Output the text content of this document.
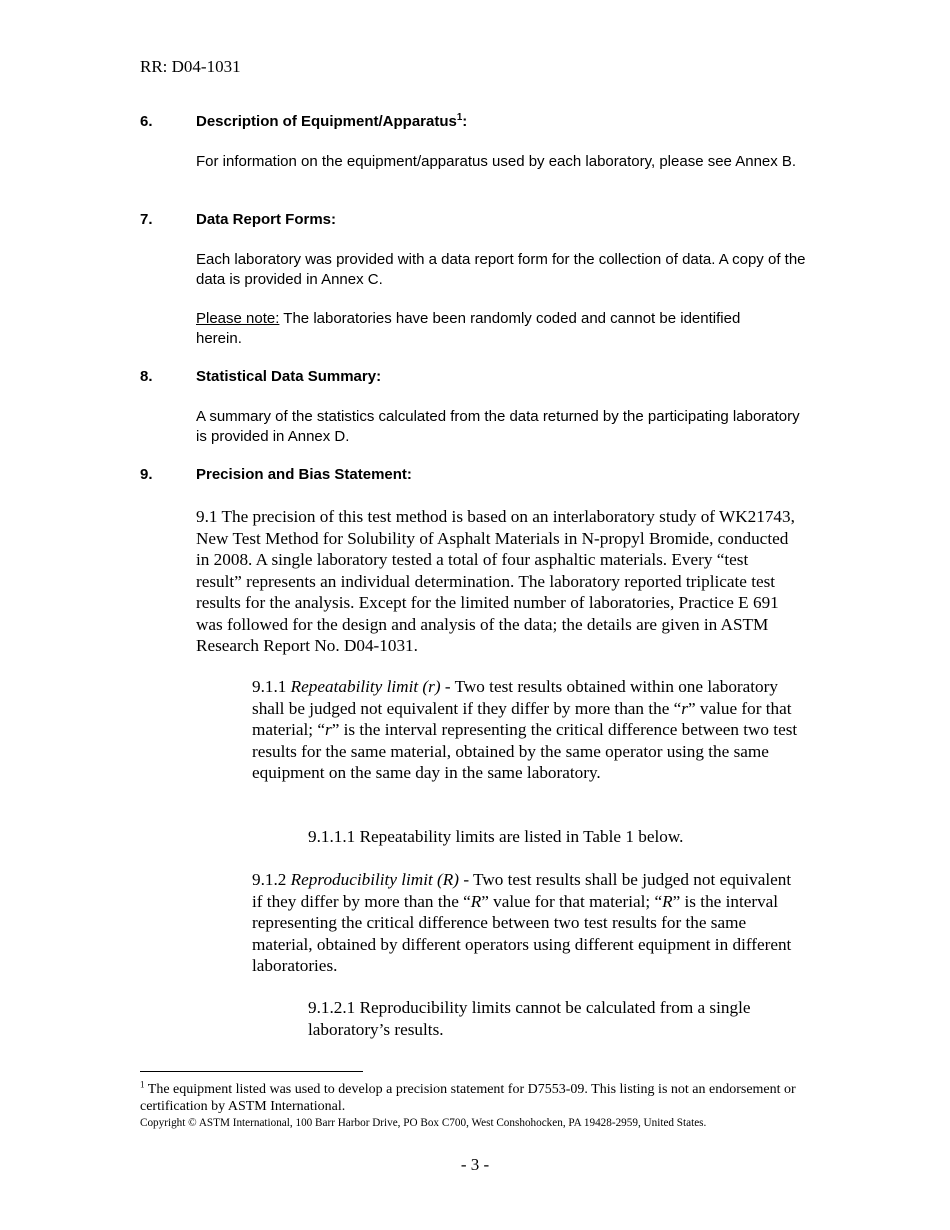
RR: D04-1031
6.	Description of Equipment/Apparatus$^1$:
For information on the equipment/apparatus used by each laboratory, please see Annex B.
7.	Data Report Forms:
Each laboratory was provided with a data report form for the collection of data. A copy of the data is provided in Annex C.
Please note: The laboratories have been randomly coded and cannot be identified herein.
8.	Statistical Data Summary:
A summary of the statistics calculated from the data returned by the participating laboratory is provided in Annex D.
9.	Precision and Bias Statement:
9.1 The precision of this test method is based on an interlaboratory study of WK21743, New Test Method for Solubility of Asphalt Materials in N-propyl Bromide, conducted in 2008. A single laboratory tested a total of four asphaltic materials. Every “test result” represents an individual determination. The laboratory reported triplicate test results for the analysis. Except for the limited number of laboratories, Practice E 691 was followed for the design and analysis of the data; the details are given in ASTM Research Report No. D04-1031.
9.1.1 Repeatability limit (r) - Two test results obtained within one laboratory shall be judged not equivalent if they differ by more than the “r” value for that material; “r” is the interval representing the critical difference between two test results for the same material, obtained by the same operator using the same equipment on the same day in the same laboratory.
9.1.1.1 Repeatability limits are listed in Table 1 below.
9.1.2 Reproducibility limit (R) - Two test results shall be judged not equivalent if they differ by more than the “R” value for that material; “R” is the interval representing the critical difference between two test results for the same material, obtained by different operators using different equipment in different laboratories.
9.1.2.1 Reproducibility limits cannot be calculated from a single laboratory’s results.
$^1$ The equipment listed was used to develop a precision statement for D7553-09. This listing is not an endorsement or certification by ASTM International.
Copyright © ASTM International, 100 Barr Harbor Drive, PO Box C700, West Conshohocken, PA 19428-2959, United States.
- 3 -
